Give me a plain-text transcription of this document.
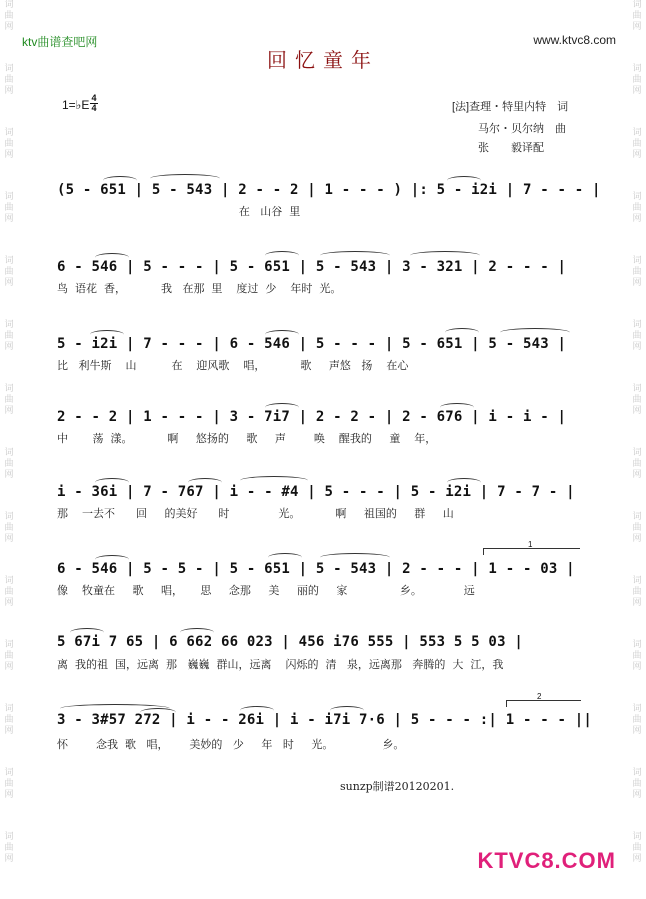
词
曲
网
词
曲
网
词
曲
网
词
曲
网
词
曲
网
词
曲
网
词
曲
网
词
曲
网
词
曲
网
词
曲
网
词
曲
网
词
曲
网
词
曲
网
词
曲
网
词
曲
网
词
曲
网
词
曲
网
词
曲
网
词
曲
网
词
曲
网
词
曲
网
词
曲
网
词
曲
网
词
曲
网
词
曲
网
词
曲
网
词
曲
网
词
曲
网
ktv曲谱查吧网	www.ktvc8.com
回忆童年
1=♭E 4
4	[法]查理・特里内特　词
马尔・贝尔纳　曲
张　　毅译配
(5 - 651 | 5 - 543 | 2 - - 2 | 1 - - - ) |: 5 - i2i | 7 - - - |
在   山谷  里
6 - 546 | 5 - - - | 5 - 651 | 5 - 543 | 3 - 321 | 2 - - - |
鸟  语花  香，          我   在那  里    度过  少    年时  光。
5 - i2i | 7 - - - | 6 - 546 | 5 - - - | 5 - 651 | 5 - 543 |
比   利牛斯    山          在    迎风歌    唱，          歌     声悠   扬    在心
2 - - 2 | 1 - - - | 3 - 7i7 | 2 - 2 - | 2 - 676 | i - i - |
中       荡  漾。          啊     悠扬的     歌     声        唤    醒我的     童    年，
i - 36i | 7 - 767 | i - - #4 | 5 - - - | 5 - i2i | 7 - 7 - |
那    一去不      回     的美好      时              光。          啊     祖国的     群     山
6 - 546 | 5 - 5 - | 5 - 651 | 5 - 543 | 2 - - - | 1 - - 03 |
像    牧童在     歌     唱，     思     念那     美     丽的     家               乡。            远
5 67i 7 65 | 6 662 66 023 | 456 i76 555 | 553 5 5 03 |
离  我的祖  国，远离  那   巍巍  群山，远离    闪烁的  清   泉，远离那   奔腾的  大  江，我
3 - 3#57 272 | i - - 26i | i - i7i 7·6 | 5 - - - :| 1 - - - ||
怀        念我  歌   唱，      美妙的   少     年   时     光。              乡。
1
2
sunzp制谱20120201.
KTVC8.COM
